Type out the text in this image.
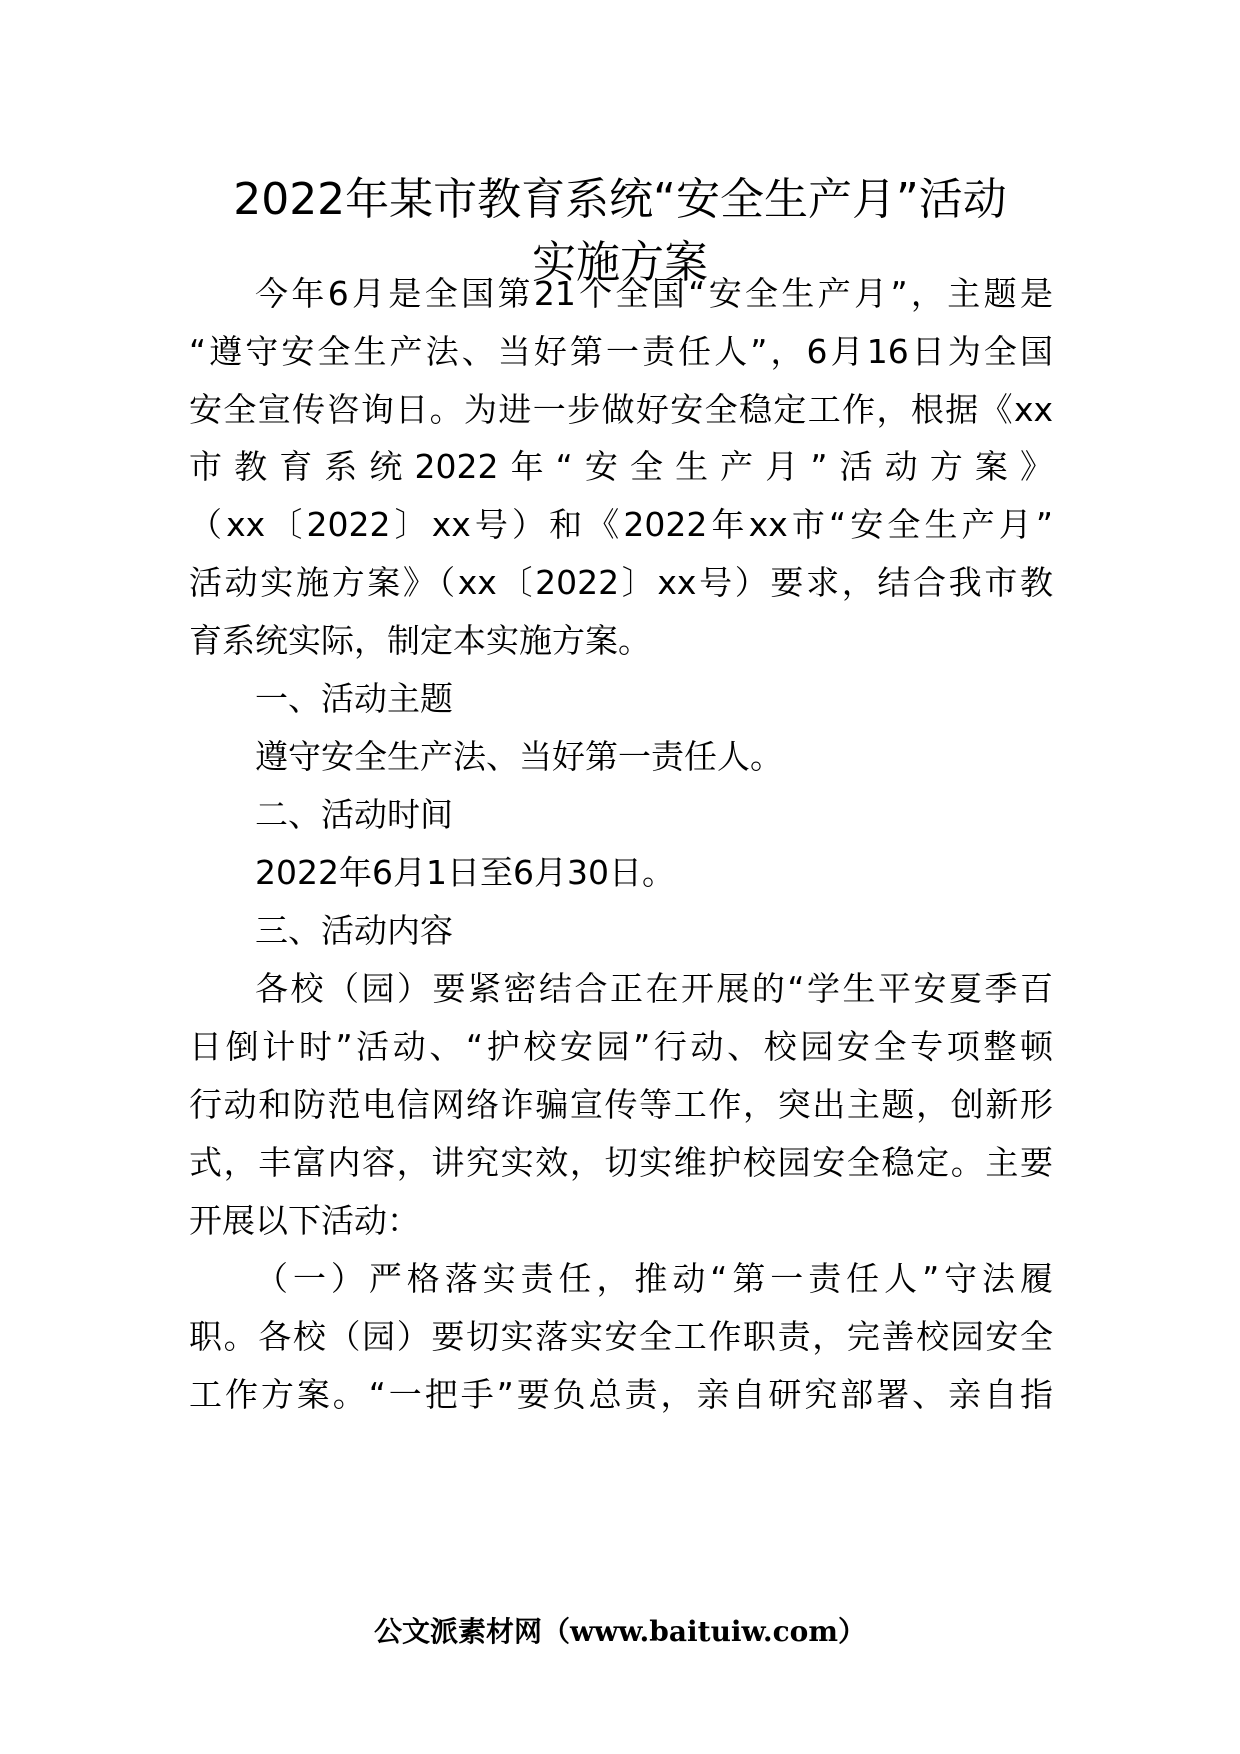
2022年某市教育系统“安全生产月”活动
实施方案

今年6月是全国第21个全国“安全生产月”，主题是

“遵守安全生产法、当好第一责任人”，6月16日为全国

安全宣传咨询日。为进一步做好安全稳定工作，根据《xx

市教育系统2022年“安全生产月”活动方案》

（xx〔2022〕xx号）和《2022年xx市“安全生产月”

活动实施方案》（xx〔2022〕xx号）要求，结合我市教

育系统实际，制定本实施方案。

一、活动主题

遵守安全生产法、当好第一责任人。

二、活动时间

2022年6月1日至6月30日。

三、活动内容

各校（园）要紧密结合正在开展的“学生平安夏季百

日倒计时”活动、“护校安园”行动、校园安全专项整顿

行动和防范电信网络诈骗宣传等工作，突出主题，创新形

式，丰富内容，讲究实效，切实维护校园安全稳定。主要

开展以下活动：

（一）严格落实责任，推动“第一责任人”守法履

职。各校（园）要切实落实安全工作职责，完善校园安全

工作方案。“一把手”要负总责，亲自研究部署、亲自指

公文派素材网（www.baituiw.com）
